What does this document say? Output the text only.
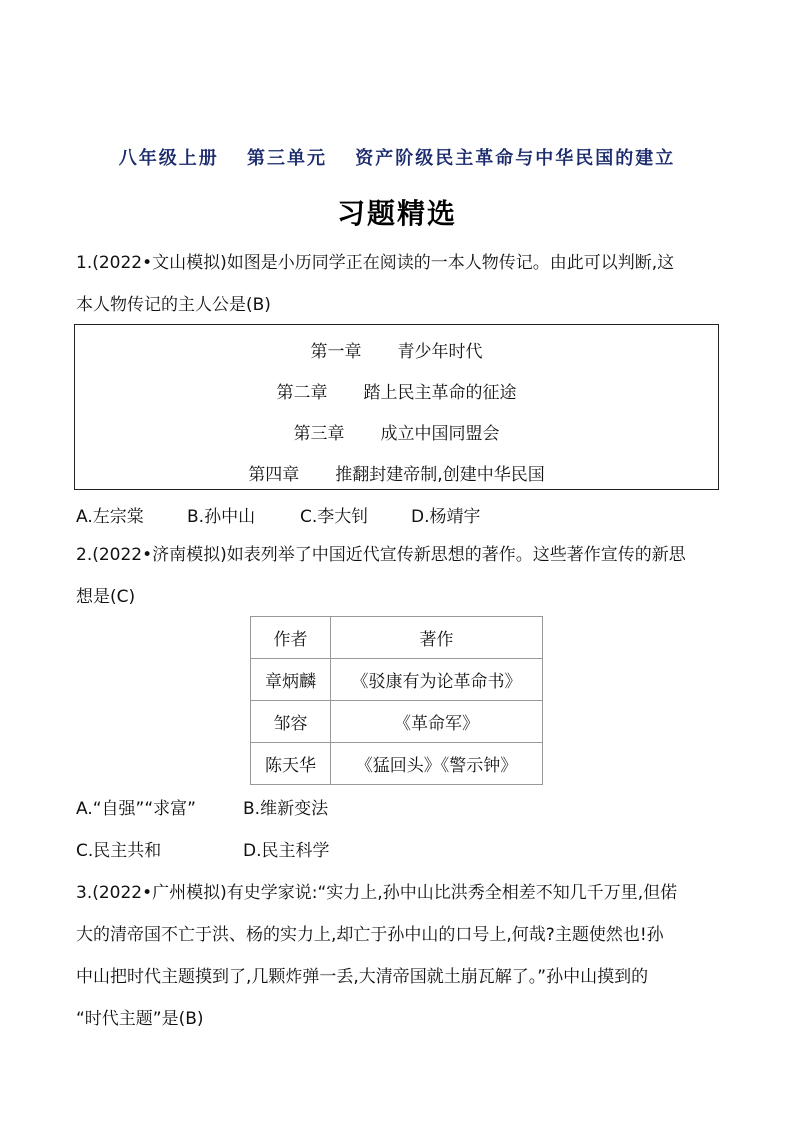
八年级上册 第三单元 资产阶级民主革命与中华民国的建立
习题精选
1.(2022•文山模拟)如图是小历同学正在阅读的一本人物传记。由此可以判断,这
本人物传记的主人公是(B)
第一章 青少年时代
第二章 踏上民主革命的征途
第三章 成立中国同盟会
第四章 推翻封建帝制,创建中华民国
A.左宗棠	B.孙中山	C.李大钊	D.杨靖宇
2.(2022•济南模拟)如表列举了中国近代宣传新思想的著作。这些著作宣传的新思
想是(C)
作者	著作
章炳麟	《驳康有为论革命书》
邹容	《革命军》
陈天华	《猛回头》《警示钟》
A.“自强”“求富”	B.维新变法
C.民主共和	D.民主科学
3.(2022•广州模拟)有史学家说:“实力上,孙中山比洪秀全相差不知几千万里,但偌
大的清帝国不亡于洪、杨的实力上,却亡于孙中山的口号上,何哉?主题使然也!孙
中山把时代主题摸到了,几颗炸弹一丢,大清帝国就土崩瓦解了。”孙中山摸到的
“时代主题”是(B)
